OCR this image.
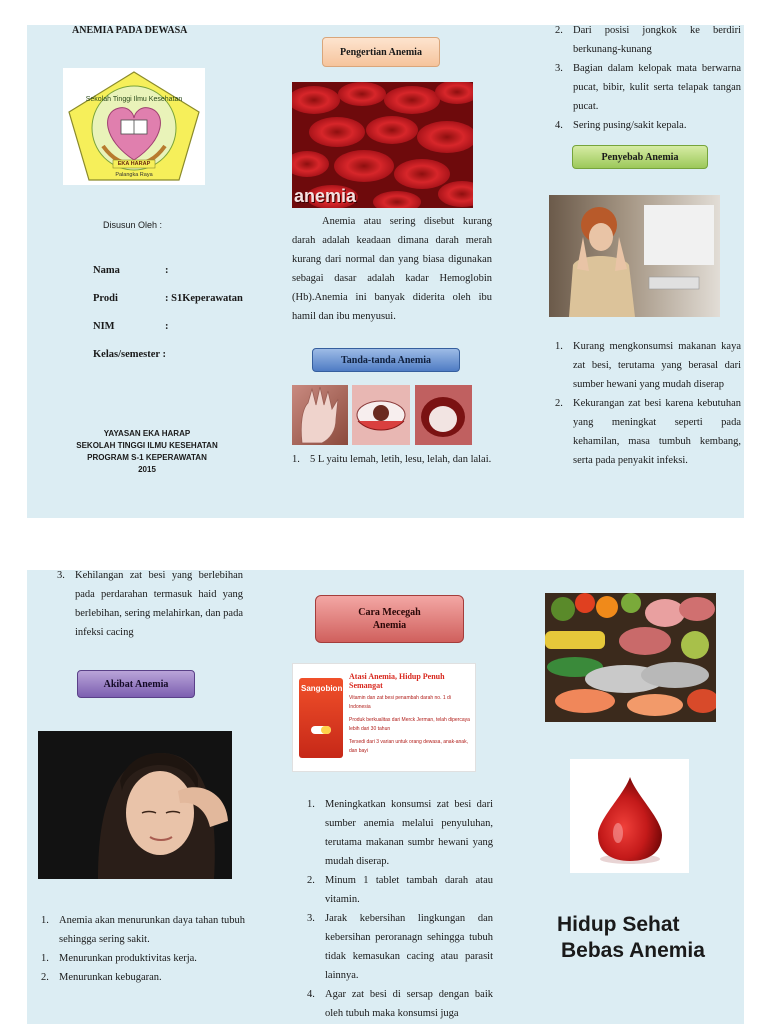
ANEMIA PADA DEWASA
Sekolah Tinggi Ilmu Kesehatan
EKA HARAP
Palangka Raya
Disusun Oleh :
Nama	:
Prodi	: S1Keperawatan
NIM	:
Kelas/semester :
YAYASAN EKA HARAP
SEKOLAH TINGGI ILMU KESEHATAN
PROGRAM S-1 KEPERAWATAN
2015
Pengertian Anemia
anemia

Anemia atau sering disebut kurang darah adalah keadaan dimana darah merah kurang dari normal dan yang biasa digunakan sebagai dasar adalah kadar Hemoglobin (Hb).Anemia ini banyak diderita oleh ibu hamil dan ibu menyusui.

Tanda-tanda Anemia
1. 5 L yaitu lemah, letih, lesu, lelah, dan lalai.
2. Dari posisi jongkok ke berdiri berkunang-kunang
3. Bagian dalam kelopak mata berwarna pucat, bibir, kulit serta telapak tangan pucat.
4. Sering pusing/sakit kepala.
Penyebab Anemia
1. Kurang mengkonsumsi makanan kaya zat besi, terutama yang berasal dari sumber hewani yang mudah diserap
2. Kekurangan zat besi karena kebutuhan yang meningkat seperti pada kehamilan, masa tumbuh kembang, serta pada penyakit infeksi.
3. Kehilangan zat besi yang berlebihan pada perdarahan termasuk haid yang berlebihan, sering melahirkan, dan pada infeksi cacing
Akibat Anemia
1. Anemia akan menurunkan daya tahan tubuh sehingga sering sakit.
1. Menurunkan produktivitas kerja.
2. Menurunkan kebugaran.
Cara Mecegah Anemia
Sangobion
Atasi Anemia, Hidup Penuh Semangat
Vitamin dan zat besi penambah darah no. 1 di Indonesia
Produk berkualitas dari Merck Jerman, telah dipercaya lebih dari 30 tahun
Tersedi dari 3 varian untuk orang dewasa, anak-anak, dan bayi
1. Meningkatkan konsumsi zat besi dari sumber anemia melalui penyuluhan, terutama makanan sumbr hewani yang mudah diserap.
2. Minum 1 tablet tambah darah atau vitamin.
3. Jarak kebersihan lingkungan dan kebersihan peroranagn sehingga tubuh tidak kemasukan cacing atau parasit lainnya.
4. Agar zat besi di sersap dengan baik oleh tubuh maka konsumsi juga
Hidup Sehat
Bebas Anemia
